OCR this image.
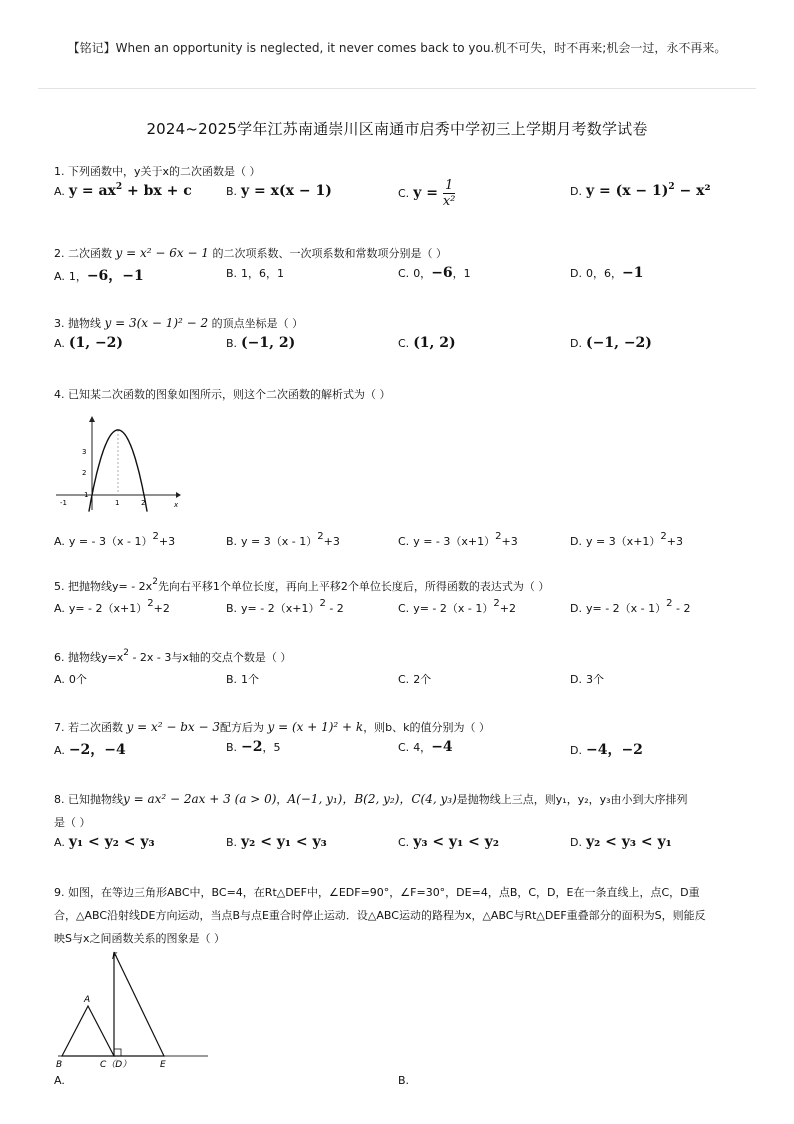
【铭记】When an opportunity is neglected, it never comes back to you.机不可失，时不再来;机会一过，永不再来。
2024~2025学年江苏南通崇川区南通市启秀中学初三上学期月考数学试卷
1. 下列函数中，y关于x的二次函数是（ ）
A. $y = ax^2$ + bx + c	B. y = x(x − 1)	C. $y = \frac{1}{\text{x²}}$	D. $y = (x - 1)^2 - x^2$
2. 二次函数 y = x² − 6x − 1 的二次项系数、一次项系数和常数项分别是（ ）
A. 1，−6，−1	B. 1，6，1	C. 0，−6，1	D. 0，6，−1
3. 抛物线 y = 3(x − 1)² − 2 的顶点坐标是（ ）
A. (1, −2)	B. (−1, 2)	C. (1, 2)	D. (−1, −2)
4. 已知某二次函数的图象如图所示，则这个二次函数的解析式为（ ）
3
2
1
-1	1	2	x
A. y = - 3（x - 1）2+3	B. y = 3（x - 1）2+3	C. y = - 3（x+1）2+3	D. y = 3（x+1）2+3
5. 把抛物线$y= - 2x^2$先向右平移1个单位长度，再向上平移2个单位长度后，所得函数的表达式为（ ）
A. y= - 2（x+1）2+2	B. y= - 2（x+1）2 - 2	C. y= - 2（x - 1）2+2	D. y= - 2（x - 1）2 - 2
6. 抛物线$y=x^2 - 2x - 3$与x轴的交点个数是（ ）
A. 0个	B. 1个	C. 2个	D. 3个
7. 若二次函数 y = x² − bx − 3配方后为 y = (x + 1)² + k，则b、k的值分别为（ ）
A. −2，−4	B. −2，5	C. 4，−4	D. −4，−2
8. 已知抛物线y = ax² − 2ax + 3 (a > 0)，A(−1, y₁)，B(2, y₂)，C(4, y₃)是抛物线上三点，则y₁，y₂，y₃由小到大序排列
是（ ）
A. y₁ < y₂ < y₃	B. y₂ < y₁ < y₃	C. y₃ < y₁ < y₂	D. y₂ < y₃ < y₁
9. 如图，在等边三角形ABC中，BC=4，在Rt△DEF中，∠EDF=90°，∠F=30°，DE=4，点B，C，D，E在一条直线上，点C，D重
合，△ABC沿射线DE方向运动，当点B与点E重合时停止运动．设△ABC运动的路程为x，△ABC与Rt△DEF重叠部分的面积为S，则能反
映S与x之间函数关系的图象是（ ）
A
B	C（D）	E
F
A.	B.
